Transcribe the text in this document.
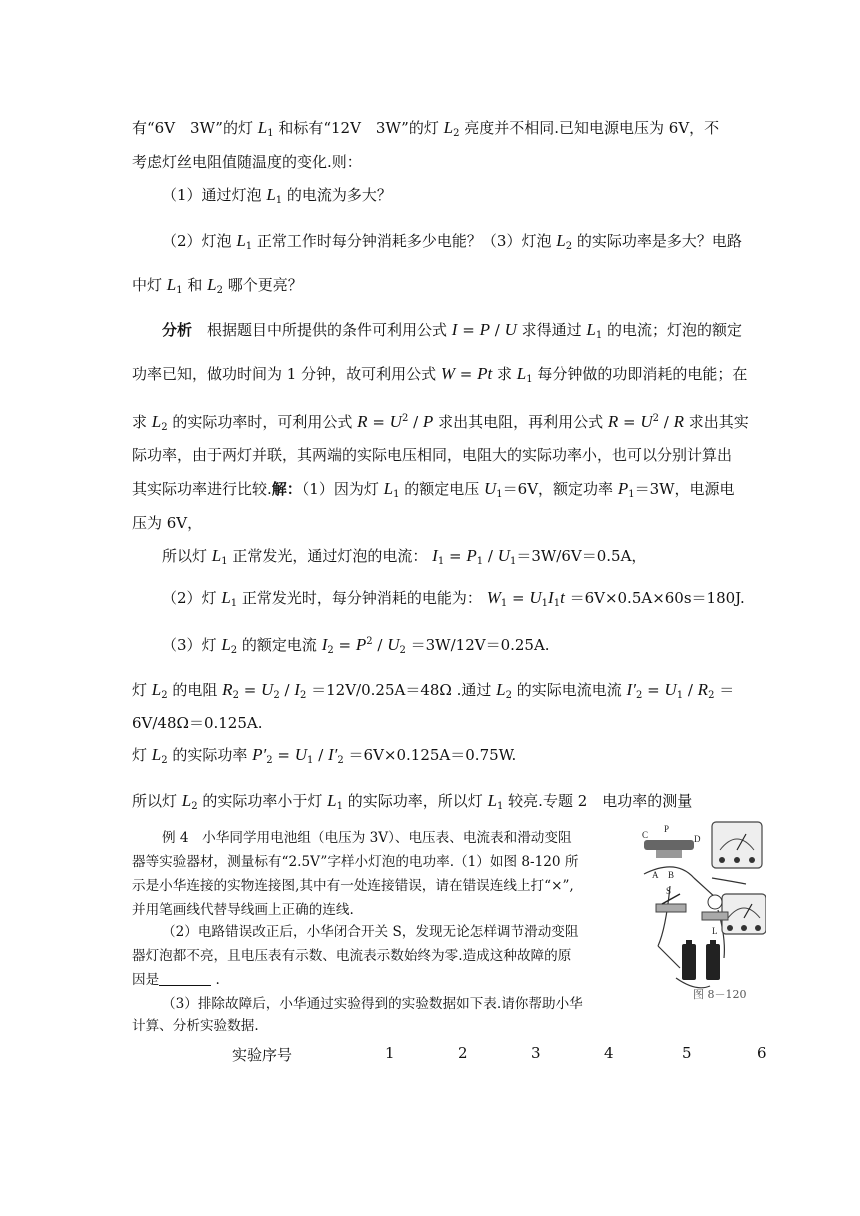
有“6V　3W”的灯 $L_1$ 和标有“12V　3W”的灯 $L_2$ 亮度并不相同.已知电源电压为 6V，不
考虑灯丝电阻值随温度的变化.则：
（1）通过灯泡 $L_1$ 的电流为多大？
（2）灯泡 $L_1$ 正常工作时每分钟消耗多少电能？（3）灯泡 $L_2$ 的实际功率是多大？电路
中灯 $L_1$ 和 $L_2$ 哪个更亮？
分析　根据题目中所提供的条件可利用公式 I = P / U 求得通过 $L_1$ 的电流；灯泡的额定
功率已知，做功时间为 1 分钟，故可利用公式 W = Pt 求 $L_1$ 每分钟做的功即消耗的电能；在
求 $L_2$ 的实际功率时，可利用公式 $R = U^2 / P$ 求出其电阻，再利用公式 $R = U^2 / R$ 求出其实
际功率，由于两灯并联，其两端的实际电压相同，电阻大的实际功率小，也可以分别计算出
其实际功率进行比较.解：（1）因为灯 $L_1$ 的额定电压 $U_1=6V$，额定功率 $P_1=3W$，电源电
压为 6V，
所以灯 $L_1$ 正常发光，通过灯泡的电流： $I_1 = P_1 / U_1=3W/6V=0.5A$，
（2）灯 $L_1$ 正常发光时，每分钟消耗的电能为： $W_1 = U_1I_1t =6V\times 0.5A\times 60s=180J$.
（3）灯 $L_2$ 的额定电流 $I_2 = P^2 / U_2 =3W/12V=0.25A$.
灯 $L_2$ 的电阻 $R_2 = U_2 / I_2 =12V/0.25A=48\Omega$ .通过 $L_2$ 的实际电流电流 $I'_2 = U_1 / R_2$ ＝
6V/48Ω＝0.125A.
灯 $L_2$ 的实际功率 $P'_2 = U_1 / I'_2 =6V\times 0.125A=0.75W$.
所以灯 $L_2$ 的实际功率小于灯 $L_1$ 的实际功率，所以灯 $L_1$ 较亮.专题 2　电功率的测量
例 4　小华同学用电池组（电压为 3V）、电压表、电流表和滑动变阻
器等实验器材，测量标有“2.5V”字样小灯泡的电功率.（1）如图 8-120 所
示是小华连接的实物连接图,其中有一处连接错误，请在错误连线上打“×”,
并用笔画线代替导线画上正确的连线.
（2）电路错误改正后，小华闭合开关 S，发现无论怎样调节滑动变阻
器灯泡都不亮，且电压表有示数、电流表示数始终为零.造成这种故障的原
因是	.
（3）排除故障后，小华通过实验得到的实验数据如下表.请你帮助小华
计算、分析实验数据.
C
P
D
A B
S
L
图 8－120
实验序号	1	2	3	4	5	6
